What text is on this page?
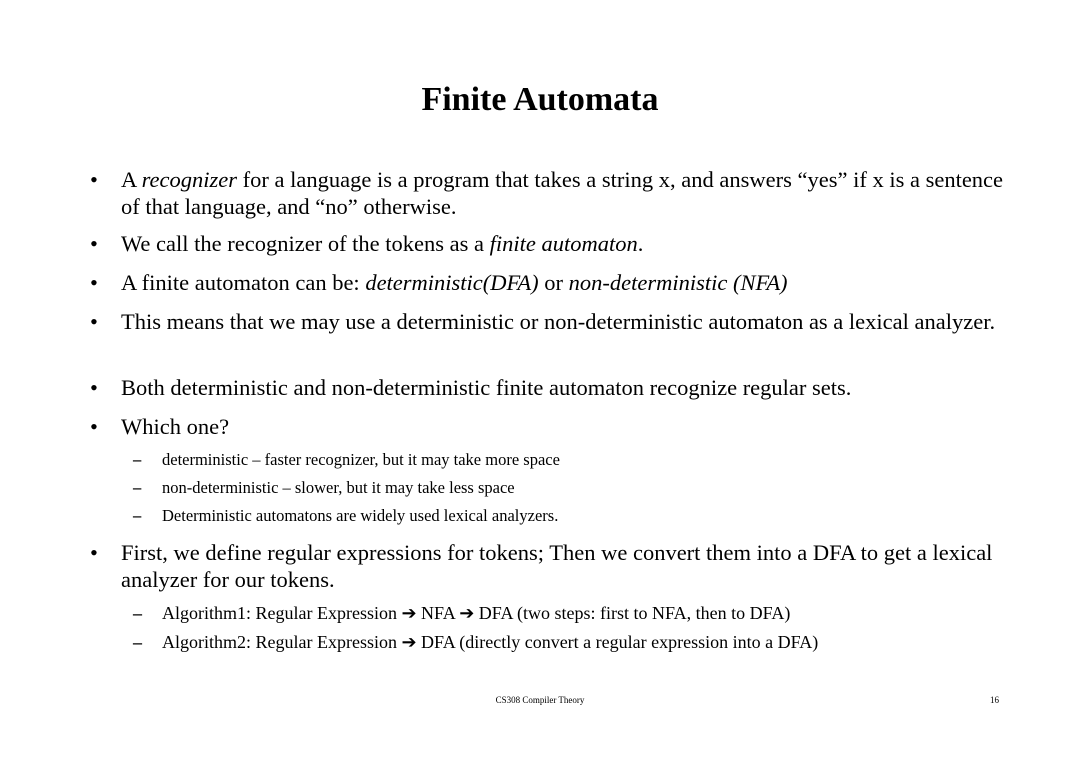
Finite Automata
• A recognizer for a language is a program that takes a string x, and answers “yes” if x is a sentence of that language, and “no” otherwise.
• We call the recognizer of the tokens as a finite automaton.
• A finite automaton can be: deterministic(DFA) or non-deterministic (NFA)
• This means that we may use a deterministic or non-deterministic automaton as a lexical analyzer.
• Both deterministic and non-deterministic finite automaton recognize regular sets.
• Which one?
– deterministic – faster recognizer, but it may take more space
– non-deterministic – slower, but it may take less space
– Deterministic automatons are widely used lexical analyzers.
• First, we define regular expressions for tokens; Then we convert them into a DFA to get a lexical analyzer for our tokens.
– Algorithm1: Regular Expression ➔ NFA ➔ DFA (two steps: first to NFA, then to DFA)
– Algorithm2: Regular Expression ➔ DFA (directly convert a regular expression into a DFA)
CS308 Compiler Theory	16
